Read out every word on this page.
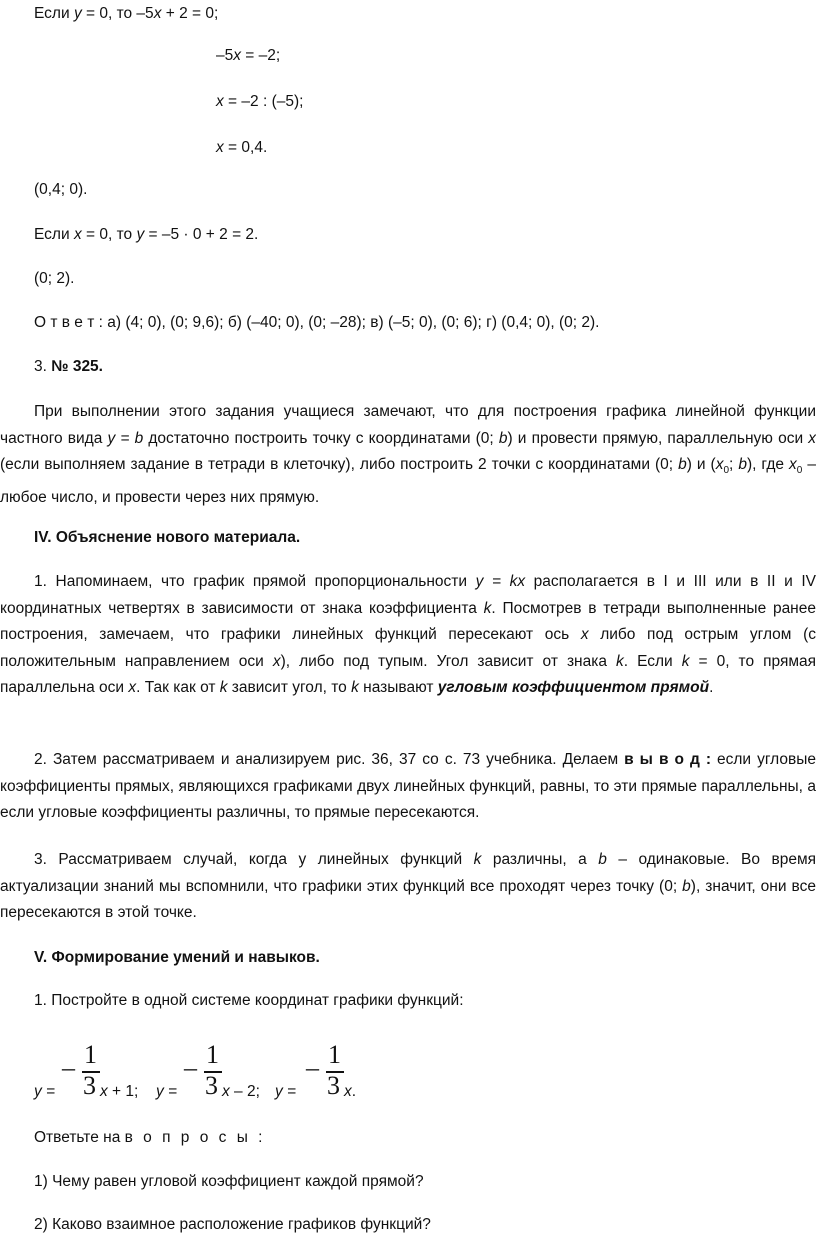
Если y = 0, то –5x + 2 = 0;
–5x = –2;
x = –2 : (–5);
x = 0,4.
(0,4; 0).
Если x = 0, то y = –5 · 0 + 2 = 2.
(0; 2).
О т в е т : а) (4; 0), (0; 9,6); б) (–40; 0), (0; –28); в) (–5; 0), (0; 6); г) (0,4; 0), (0; 2).
3. № 325.
При выполнении этого задания учащиеся замечают, что для построения графика линейной функции частного вида y = b достаточно построить точку с координатами (0; b) и провести прямую, параллельную оси x (если выполняем задание в тетради в клеточку), либо построить 2 точки с координатами (0; b) и ($x_0$; b), где $x_0$ – любое число, и провести через них прямую.
IV. Объяснение нового материала.
1. Напоминаем, что график прямой пропорциональности y = kx располагается в I и III или в II и IV координатных четвертях в зависимости от знака коэффициента k. Посмотрев в тетради выполненные ранее построения, замечаем, что графики линейных функций пересекают ось x либо под острым углом (с положительным направлением оси x), либо под тупым. Угол зависит от знака k. Если k = 0, то прямая параллельна оси x. Так как от k зависит угол, то k называют угловым коэффициентом прямой.
2. Затем рассматриваем и анализируем рис. 36, 37 со с. 73 учебника. Делаем в ы в о д : если угловые коэффициенты прямых, являющихся графиками двух линейных функций, равны, то эти прямые параллельны, а если угловые коэффициенты различны, то прямые пересекаются.
3. Рассматриваем случай, когда у линейных функций k различны, а b – одинаковые. Во время актуализации знаний мы вспомнили, что графики этих функций все проходят через точку (0; b), значит, они все пересекаются в этой точке.
V. Формирование умений и навыков.
1. Постройте в одной системе координат графики функций:
y =
– 1
3 x + 1; y =
– 1
3 x – 2; y =
– 1
3 x.
Ответьте на в о п р о с ы :
1) Чему равен угловой коэффициент каждой прямой?
2) Каково взаимное расположение графиков функций?
